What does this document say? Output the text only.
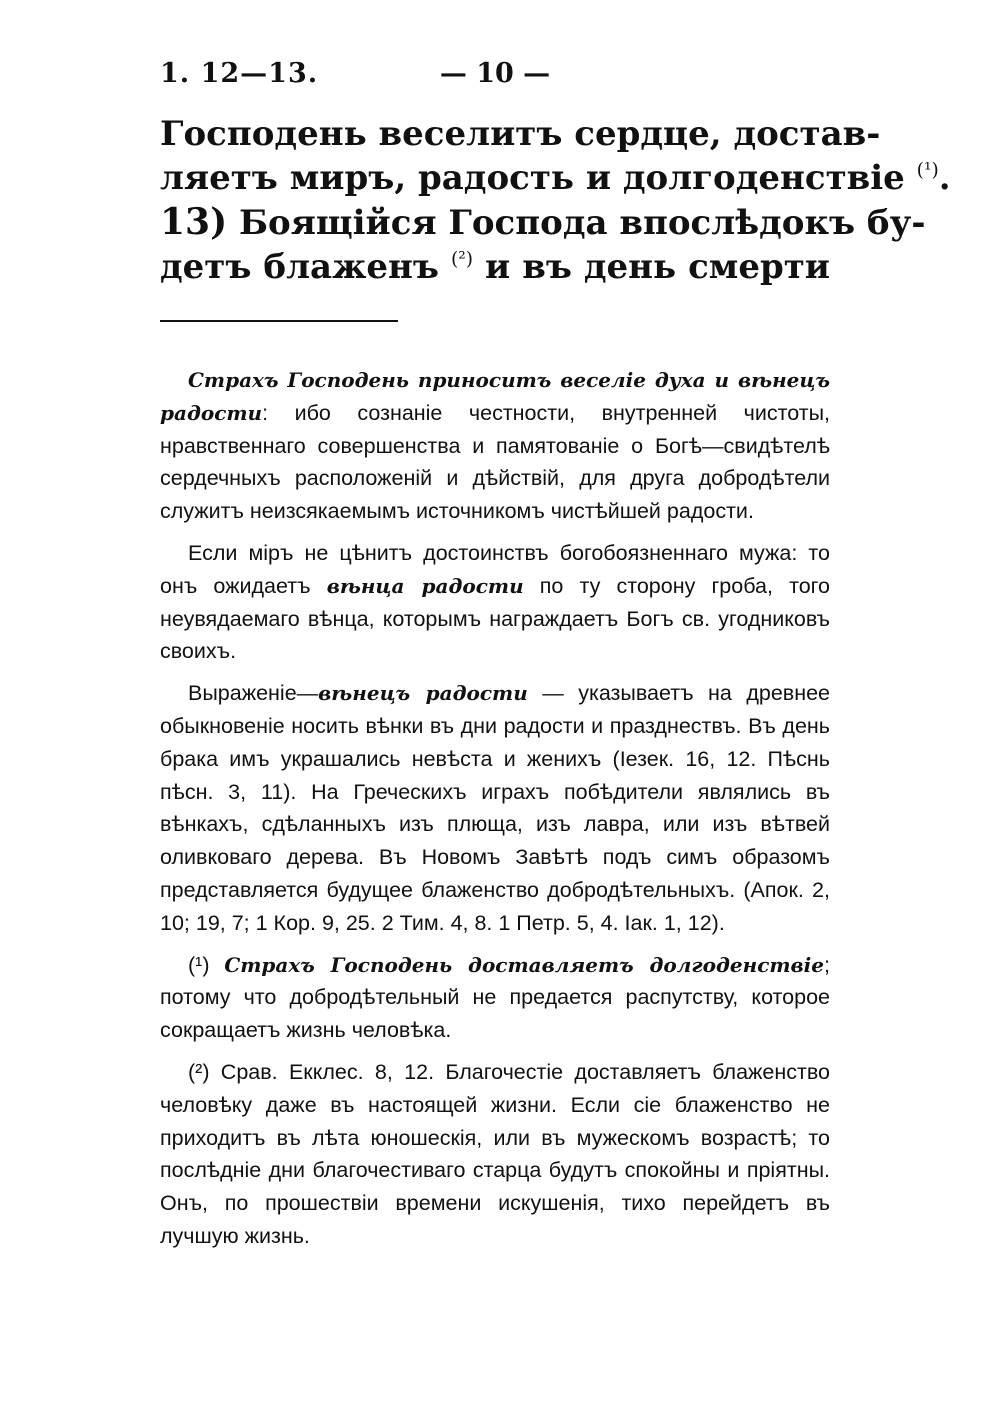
1. 12—13.	— 10 —
Господень веселитъ сердце, достав-
ляетъ миръ, радость и долгоденствіе $^{(^1)}$.
13) Боящійся Господа впослѣдокъ бу-
детъ блаженъ $^{(^2)}$ и въ день смерти

Страхъ Господень приноситъ веселіе духа и вѣнецъ радости: ибо сознаніе честности, внутренней чистоты, нравственнаго совершенства и памятованіе о Богѣ—свидѣтелѣ сердечныхъ расположеній и дѣйствій, для друга добродѣтели служитъ неизсякаемымъ источникомъ чистѣйшей радости.

Если міръ не цѣнитъ достоинствъ богобоязненнаго мужа: то онъ ожидаетъ вѣнца радости по ту сторону гроба, того неувядаемаго вѣнца, которымъ награждаетъ Богъ св. угодниковъ своихъ.

Выраженіе—вѣнецъ радости — указываетъ на древнее обыкновеніе носить вѣнки въ дни радости и празднествъ. Въ день брака имъ украшались невѣста и женихъ (Іезек. 16, 12. Пѣснь пѣсн. 3, 11). На Греческихъ играхъ побѣдители являлись въ вѣнкахъ, сдѣланныхъ изъ плюща, изъ лавра, или изъ вѣтвей оливковаго дерева. Въ Новомъ Завѣтѣ подъ симъ образомъ представляется будущее блаженство добродѣтельныхъ. (Апок. 2, 10; 19, 7; 1 Кор. 9, 25. 2 Тим. 4, 8. 1 Петр. 5, 4. Іак. 1, 12).

(¹) Страхъ Господень доставляетъ долгоденствіе; потому что добродѣтельный не предается распутству, которое сокращаетъ жизнь человѣка.

(²) Срав. Екклес. 8, 12. Благочестіе доставляетъ блаженство человѣку даже въ настоящей жизни. Если сіе блаженство не приходитъ въ лѣта юношескія, или въ мужескомъ возрастѣ; то послѣдніе дни благочестиваго старца будутъ спокойны и пріятны. Онъ, по прошествіи времени искушенія, тихо перейдетъ въ лучшую жизнь.
